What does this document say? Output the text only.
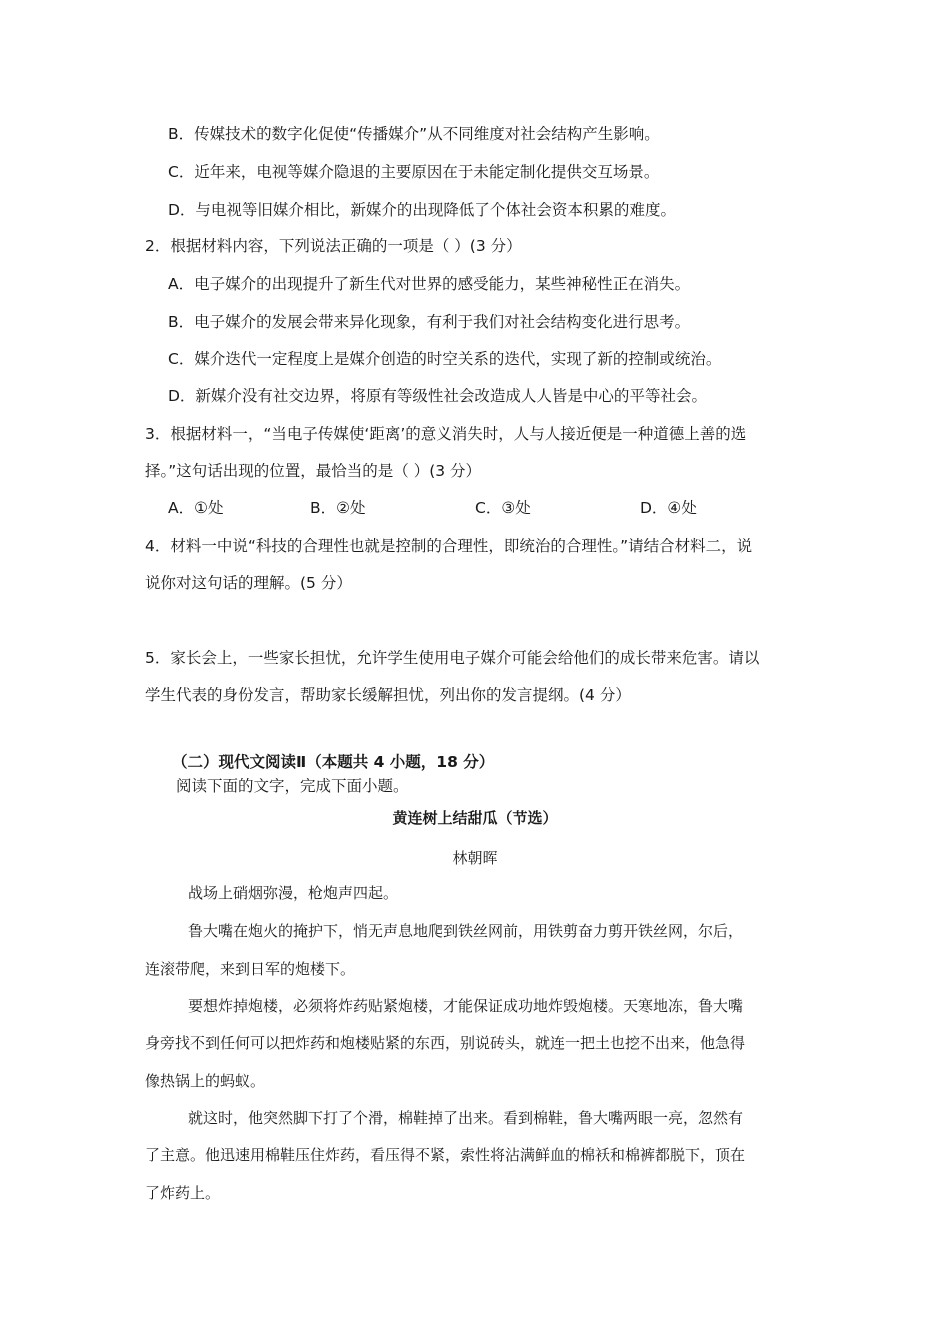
B．传媒技术的数字化促使“传播媒介”从不同维度对社会结构产生影响。
C．近年来，电视等媒介隐退的主要原因在于未能定制化提供交互场景。
D．与电视等旧媒介相比，新媒介的出现降低了个体社会资本积累的难度。
2．根据材料内容，下列说法正确的一项是（ ）(3 分）
A．电子媒介的出现提升了新生代对世界的感受能力，某些神秘性正在消失。
B．电子媒介的发展会带来异化现象，有利于我们对社会结构变化进行思考。
C．媒介迭代一定程度上是媒介创造的时空关系的迭代，实现了新的控制或统治。
D．新媒介没有社交边界，将原有等级性社会改造成人人皆是中心的平等社会。
3．根据材料一，“当电子传媒使‘距离’的意义消失时，人与人接近便是一种道德上善的选
择。”这句话出现的位置，最恰当的是（ ）(3 分）
A．①处	B．②处	C．③处	D．④处
4．材料一中说“科技的合理性也就是控制的合理性，即统治的合理性。”请结合材料二，说
说你对这句话的理解。(5 分）
5．家长会上，一些家长担忧，允许学生使用电子媒介可能会给他们的成长带来危害。请以
学生代表的身份发言，帮助家长缓解担忧，列出你的发言提纲。(4 分）
（二）现代文阅读Ⅱ（本题共 4 小题，18 分）
阅读下面的文字，完成下面小题。
黄连树上结甜瓜（节选）
林朝晖
战场上硝烟弥漫，枪炮声四起。
鲁大嘴在炮火的掩护下，悄无声息地爬到铁丝网前，用铁剪奋力剪开铁丝网，尔后，
连滚带爬，来到日军的炮楼下。
要想炸掉炮楼，必须将炸药贴紧炮楼，才能保证成功地炸毁炮楼。天寒地冻，鲁大嘴
身旁找不到任何可以把炸药和炮楼贴紧的东西，别说砖头，就连一把土也挖不出来，他急得
像热锅上的蚂蚁。
就这时，他突然脚下打了个滑，棉鞋掉了出来。看到棉鞋，鲁大嘴两眼一亮，忽然有
了主意。他迅速用棉鞋压住炸药，看压得不紧，索性将沾满鲜血的棉袄和棉裤都脱下，顶在
了炸药上。
